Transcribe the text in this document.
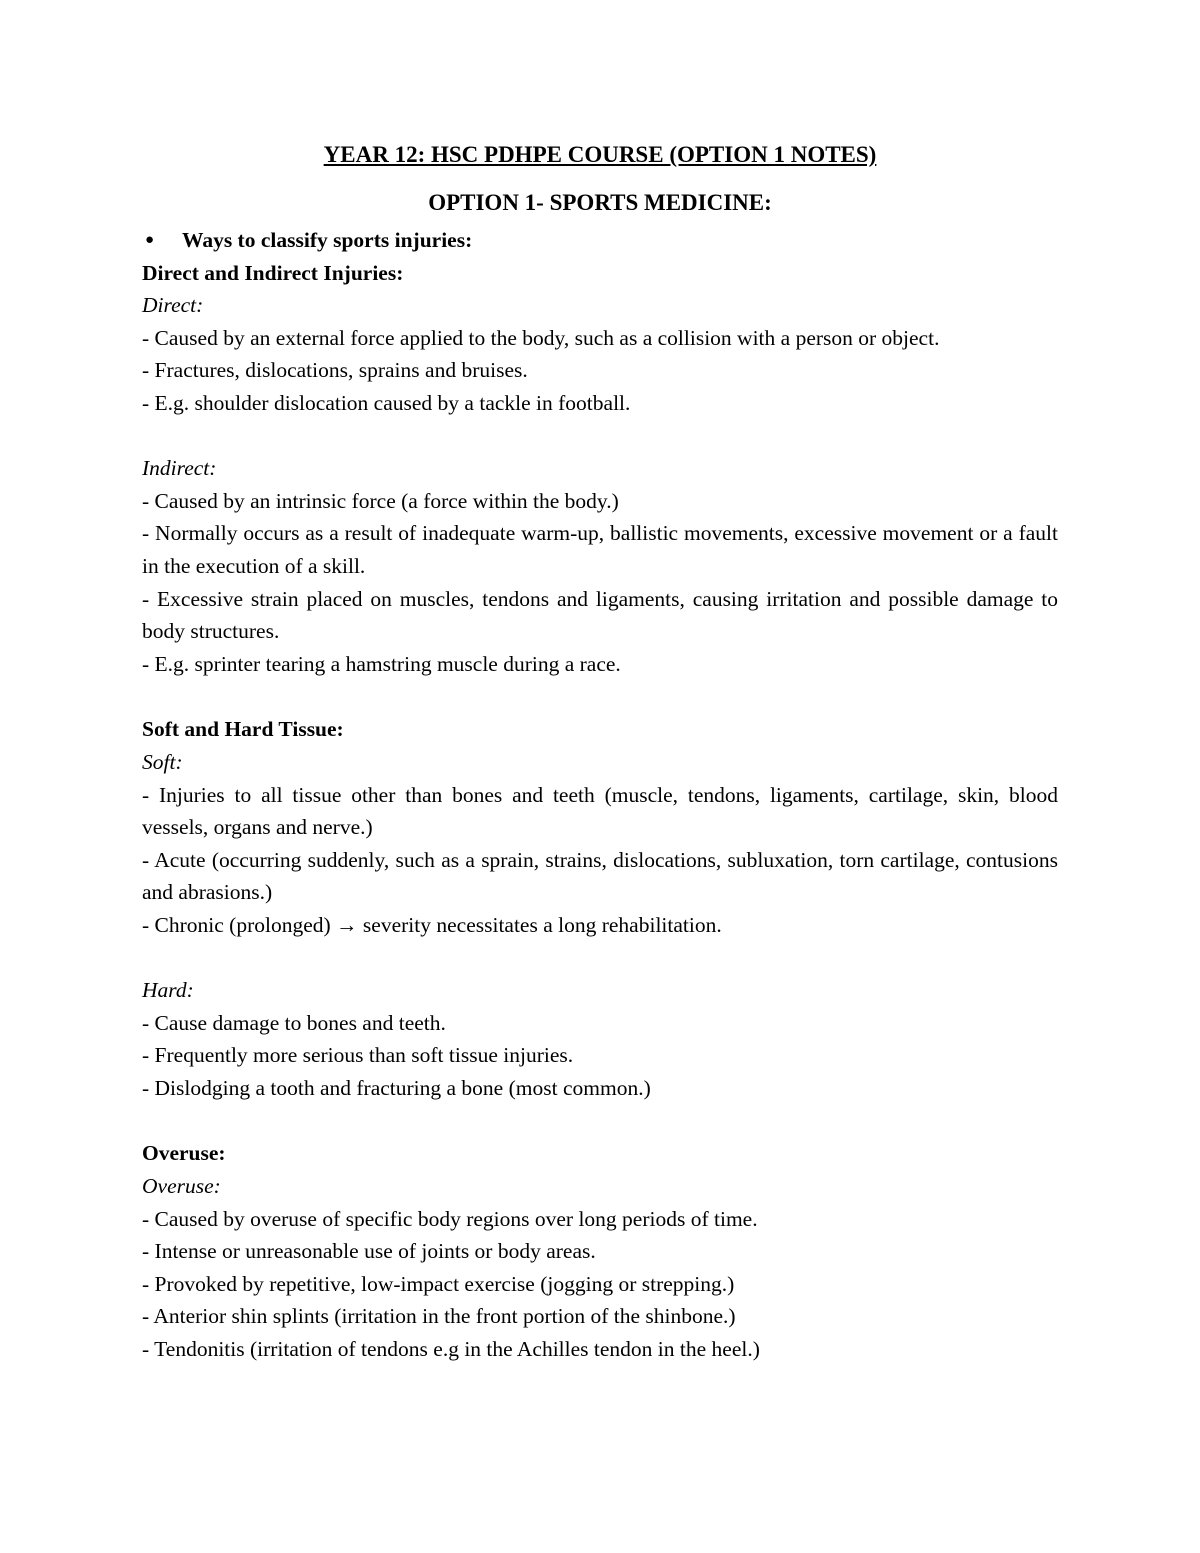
YEAR 12: HSC PDHPE COURSE (OPTION 1 NOTES)

OPTION 1- SPORTS MEDICINE:

● Ways to classify sports injuries:

Direct and Indirect Injuries:

Direct:

- Caused by an external force applied to the body, such as a collision with a person or object.

- Fractures, dislocations, sprains and bruises.

- E.g. shoulder dislocation caused by a tackle in football.

Indirect:

- Caused by an intrinsic force (a force within the body.)

- Normally occurs as a result of inadequate warm-up, ballistic movements, excessive movement or a fault in the execution of a skill.

- Excessive strain placed on muscles, tendons and ligaments, causing irritation and possible damage to body structures.

- E.g. sprinter tearing a hamstring muscle during a race.

Soft and Hard Tissue:

Soft:

- Injuries to all tissue other than bones and teeth (muscle, tendons, ligaments, cartilage, skin, blood vessels, organs and nerve.)

- Acute (occurring suddenly, such as a sprain, strains, dislocations, subluxation, torn cartilage, contusions and abrasions.)

- Chronic (prolonged) → severity necessitates a long rehabilitation.

Hard:

- Cause damage to bones and teeth.

- Frequently more serious than soft tissue injuries.

- Dislodging a tooth and fracturing a bone (most common.)

Overuse:

Overuse:

- Caused by overuse of specific body regions over long periods of time.

- Intense or unreasonable use of joints or body areas.

- Provoked by repetitive, low-impact exercise (jogging or strepping.)

- Anterior shin splints (irritation in the front portion of the shinbone.)

- Tendonitis (irritation of tendons e.g in the Achilles tendon in the heel.)
